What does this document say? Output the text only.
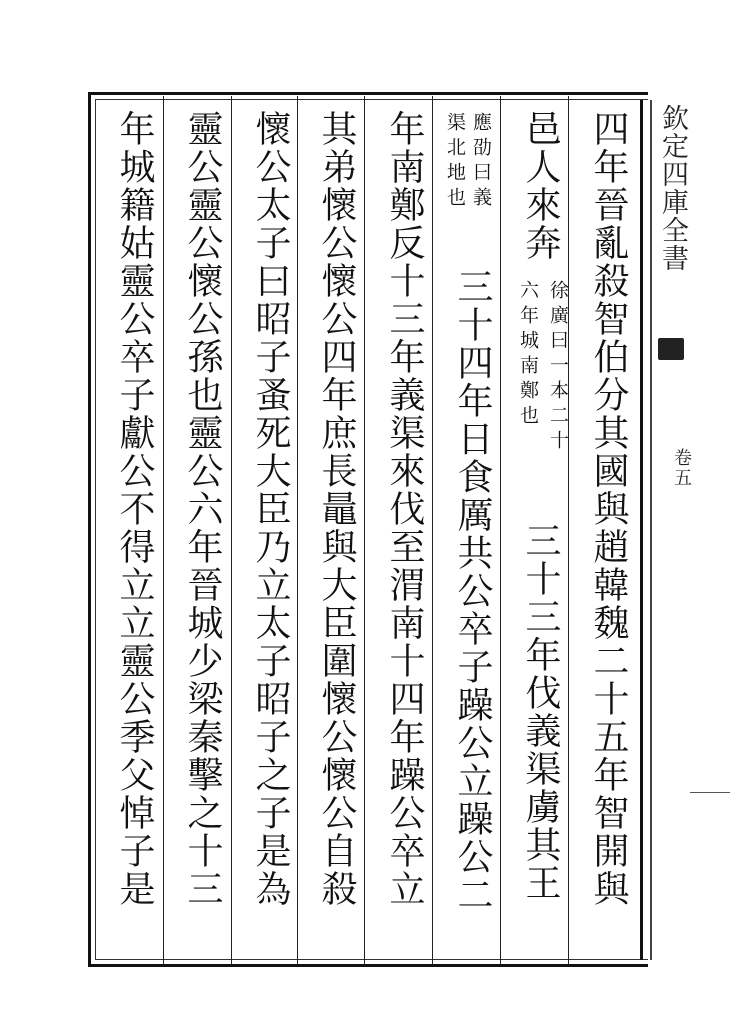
欽定四庫全書
卷五
四年晉亂殺智伯分其國與趙韓魏二十五年智開與
邑人來奔
徐廣曰一本二十
六年城南鄭也
三十三年伐義渠虜其王
應劭曰義
渠北地也
三十四年日食厲共公卒子躁公立躁公二
年南鄭反十三年義渠來伐至渭南十四年躁公卒立
其弟懷公懷公四年庶長鼂與大臣圍懷公懷公自殺
懷公太子曰昭子蚤死大臣乃立太子昭子之子是為
靈公靈公懷公孫也靈公六年晉城少梁秦擊之十三
年城籍姑靈公卒子獻公不得立立靈公季父悼子是
